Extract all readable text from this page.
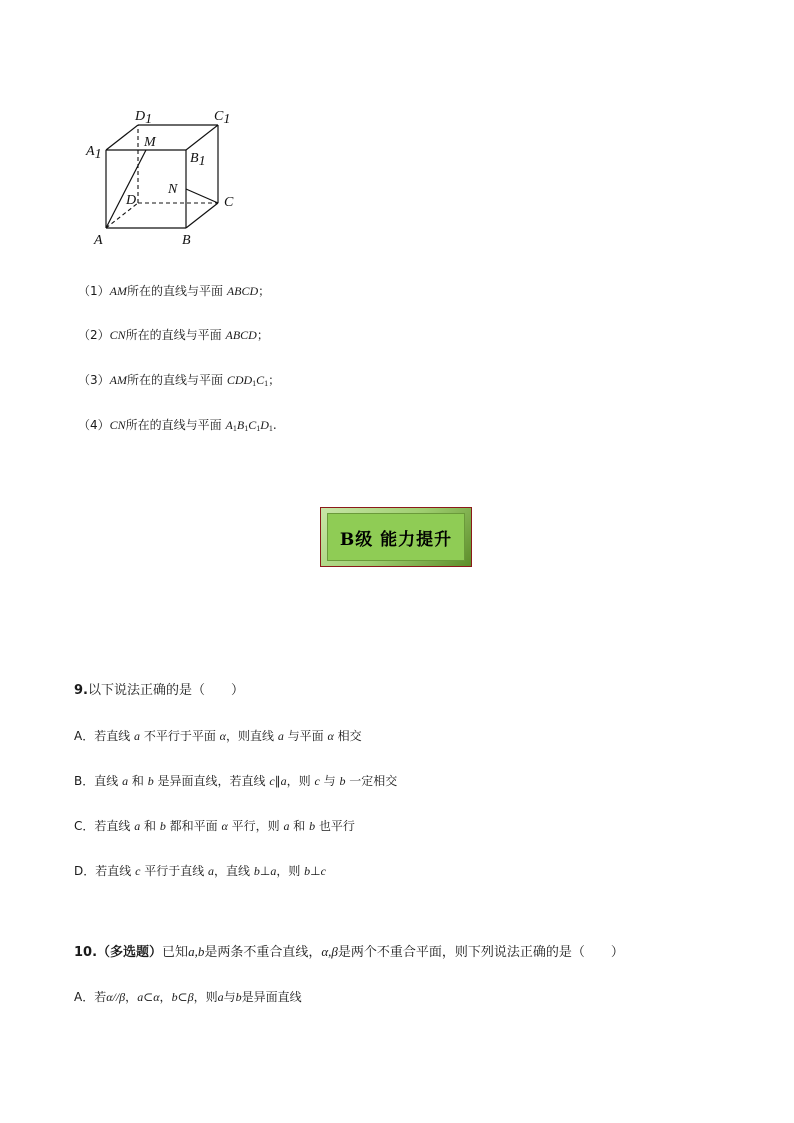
D1	C1
A1	B1
M
N
D	C
A	B
（1）AM所在的直线与平面 ABCD；
（2）CN所在的直线与平面 ABCD；
（3）AM所在的直线与平面 $CDD_1C_1$；
（4）CN所在的直线与平面 $A_1B_1C_1D_1$.
B级 能力提升
9.以下说法正确的是（　　）
A．若直线 a 不平行于平面 α，则直线 a 与平面 α 相交
B．直线 a 和 b 是异面直线，若直线 c∥a，则 c 与 b 一定相交
C．若直线 a 和 b 都和平面 α 平行，则 a 和 b 也平行
D．若直线 c 平行于直线 a，直线 b⊥a，则 b⊥c
10.（多选题）已知a,b是两条不重合直线，α,β是两个不重合平面，则下列说法正确的是（　　）
A．若α//β，a⊂α，b⊂β，则a与b是异面直线
